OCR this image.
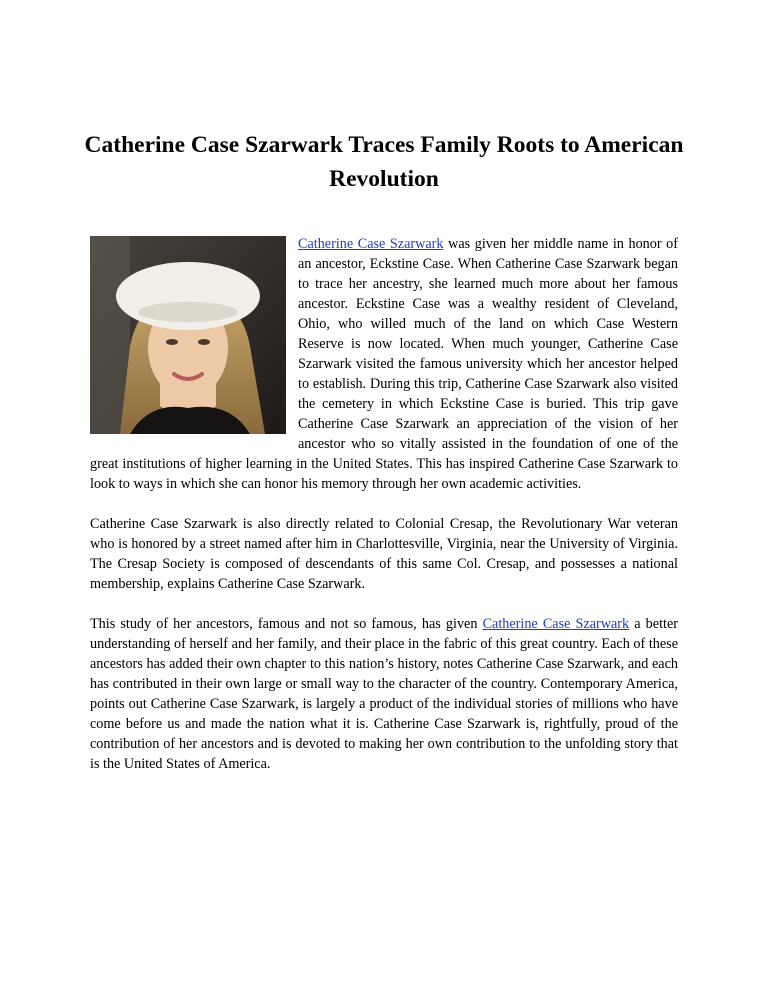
Catherine Case Szarwark Traces Family Roots to American Revolution

Catherine Case Szarwark was given her middle name in honor of an ancestor, Eckstine Case. When Catherine Case Szarwark began to trace her ancestry, she learned much more about her famous ancestor. Eckstine Case was a wealthy resident of Cleveland, Ohio, who willed much of the land on which Case Western Reserve is now located. When much younger, Catherine Case Szarwark visited the famous university which her ancestor helped to establish. During this trip, Catherine Case Szarwark also visited the cemetery in which Eckstine Case is buried. This trip gave Catherine Case Szarwark an appreciation of the vision of her ancestor who so vitally assisted in the foundation of one of the great institutions of higher learning in the United States. This has inspired Catherine Case Szarwark to look to ways in which she can honor his memory through her own academic activities.

Catherine Case Szarwark is also directly related to Colonial Cresap, the Revolutionary War veteran who is honored by a street named after him in Charlottesville, Virginia, near the University of Virginia. The Cresap Society is composed of descendants of this same Col. Cresap, and possesses a national membership, explains Catherine Case Szarwark.

This study of her ancestors, famous and not so famous, has given Catherine Case Szarwark a better understanding of herself and her family, and their place in the fabric of this great country. Each of these ancestors has added their own chapter to this nation’s history, notes Catherine Case Szarwark, and each has contributed in their own large or small way to the character of the country. Contemporary America, points out Catherine Case Szarwark, is largely a product of the individual stories of millions who have come before us and made the nation what it is. Catherine Case Szarwark is, rightfully, proud of the contribution of her ancestors and is devoted to making her own contribution to the unfolding story that is the United States of America.
